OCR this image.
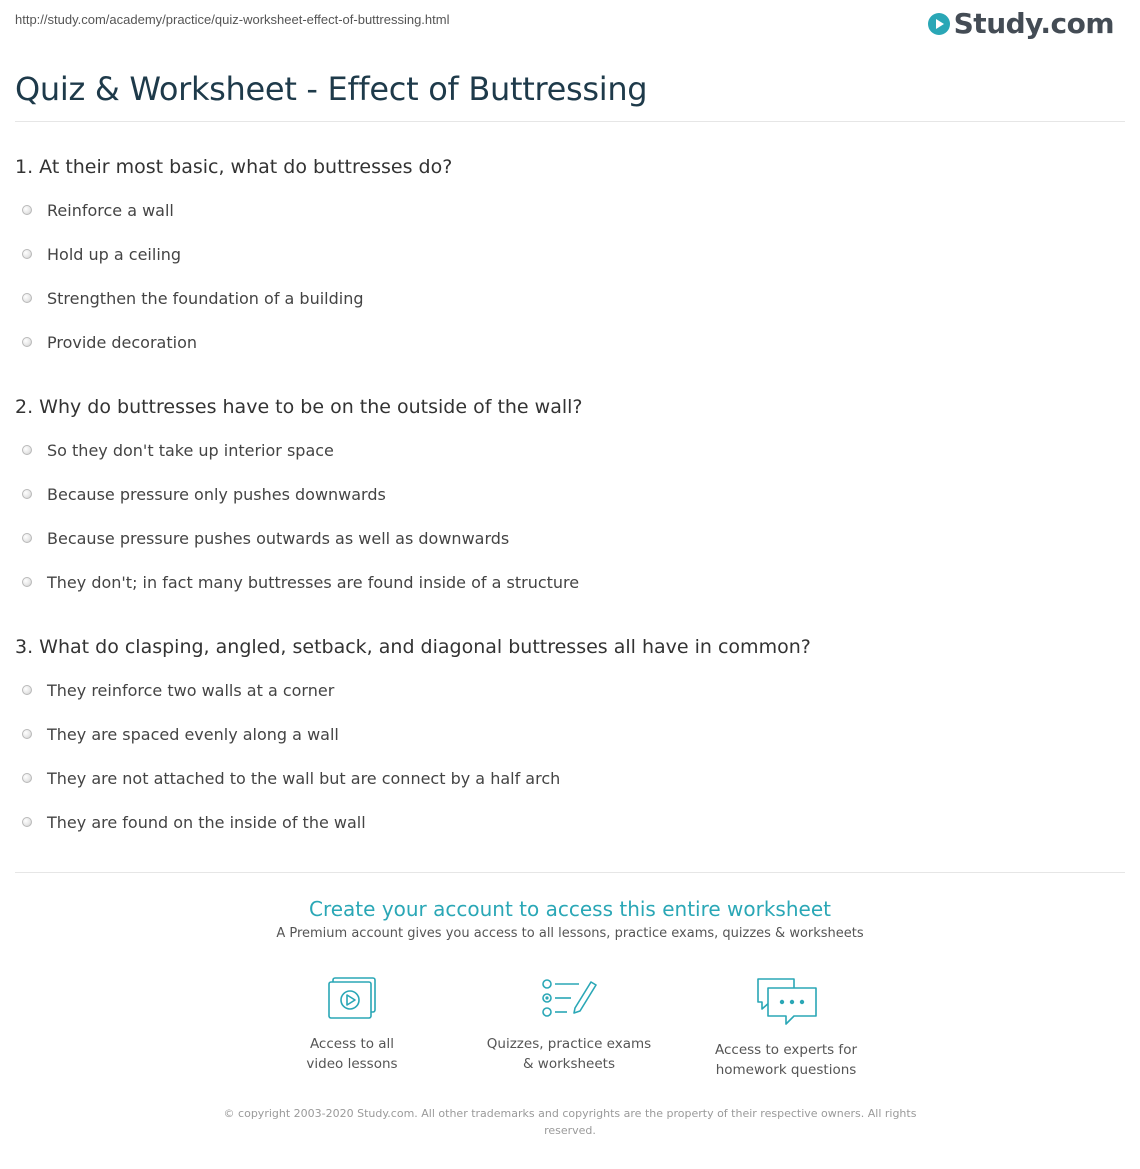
http://study.com/academy/practice/quiz-worksheet-effect-of-buttressing.html	Study.com
Quiz & Worksheet - Effect of Buttressing
1. At their most basic, what do buttresses do?
Reinforce a wall
Hold up a ceiling
Strengthen the foundation of a building
Provide decoration
2. Why do buttresses have to be on the outside of the wall?
So they don't take up interior space
Because pressure only pushes downwards
Because pressure pushes outwards as well as downwards
They don't; in fact many buttresses are found inside of a structure
3. What do clasping, angled, setback, and diagonal buttresses all have in common?
They reinforce two walls at a corner
They are spaced evenly along a wall
They are not attached to the wall but are connect by a half arch
They are found on the inside of the wall
Create your account to access this entire worksheet
A Premium account gives you access to all lessons, practice exams, quizzes & worksheets
Access to all
video lessons
Quizzes, practice exams
& worksheets
Access to experts for
homework questions
© copyright 2003-2020 Study.com. All other trademarks and copyrights are the property of their respective owners. All rights
reserved.
